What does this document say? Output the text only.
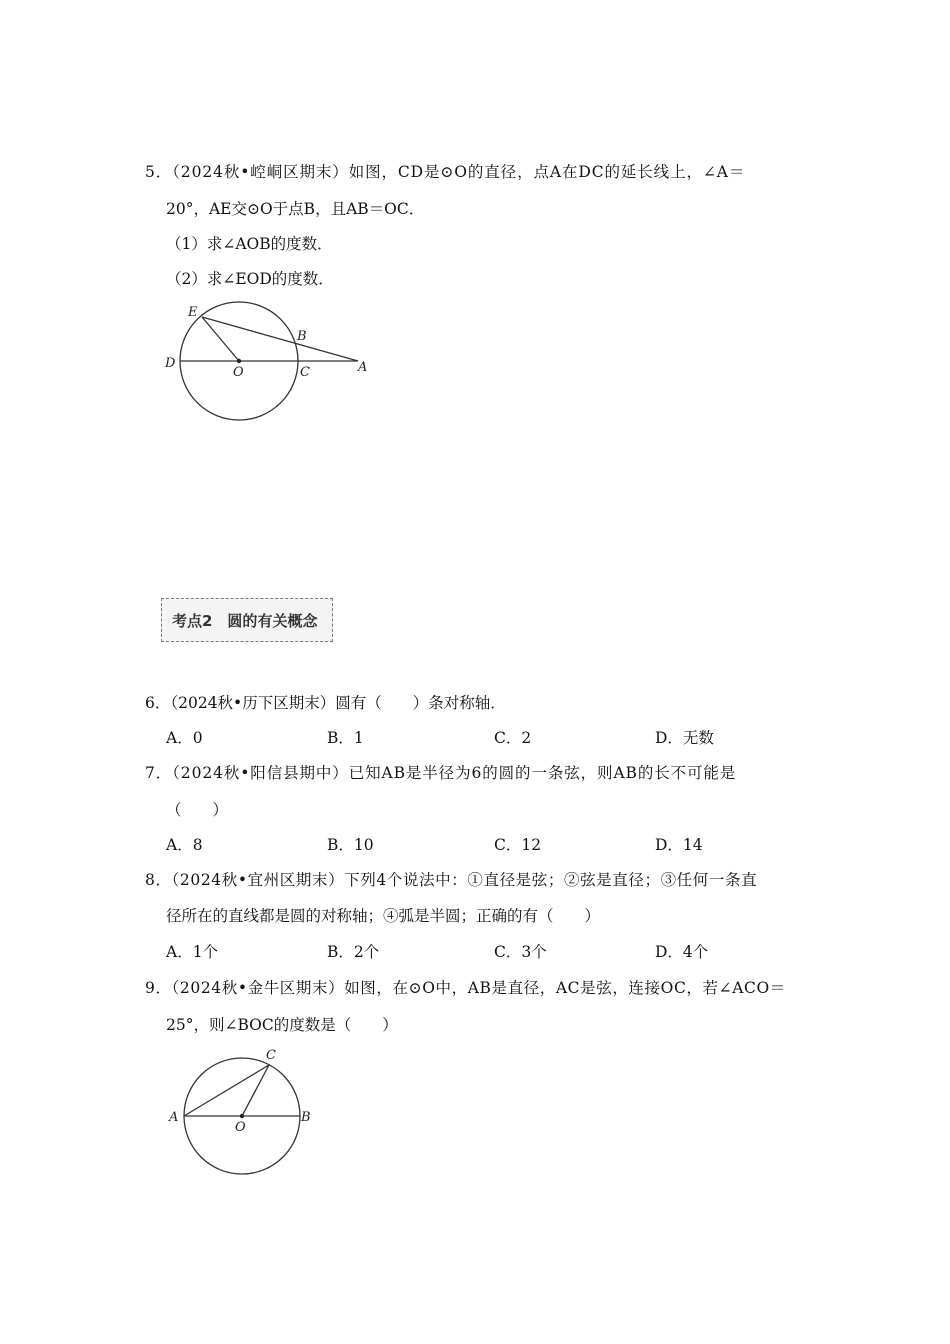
5．（2024秋•崆峒区期末）如图，CD是⊙O的直径，点A在DC的延长线上，∠A＝
20°，AE交⊙O于点B，且AB＝OC．
（1）求∠AOB的度数．
（2）求∠EOD的度数．
E
B
D
O	C	A
考点2　圆的有关概念
6．（2024秋•历下区期末）圆有（　　）条对称轴．
A．0	B．1	C．2	D．无数
7．（2024秋•阳信县期中）已知AB是半径为6的圆的一条弦，则AB的长不可能是
（　　）
A．8	B．10	C．12	D．14
8．（2024秋•宜州区期末）下列4个说法中：①直径是弦；②弦是直径；③任何一条直
径所在的直线都是圆的对称轴；④弧是半圆；正确的有（　　）
A．1个	B．2个	C．3个	D．4个
9．（2024秋•金牛区期末）如图，在⊙O中，AB是直径，AC是弦，连接OC，若∠ACO＝
25°，则∠BOC的度数是（　　）
C
A
O
B
